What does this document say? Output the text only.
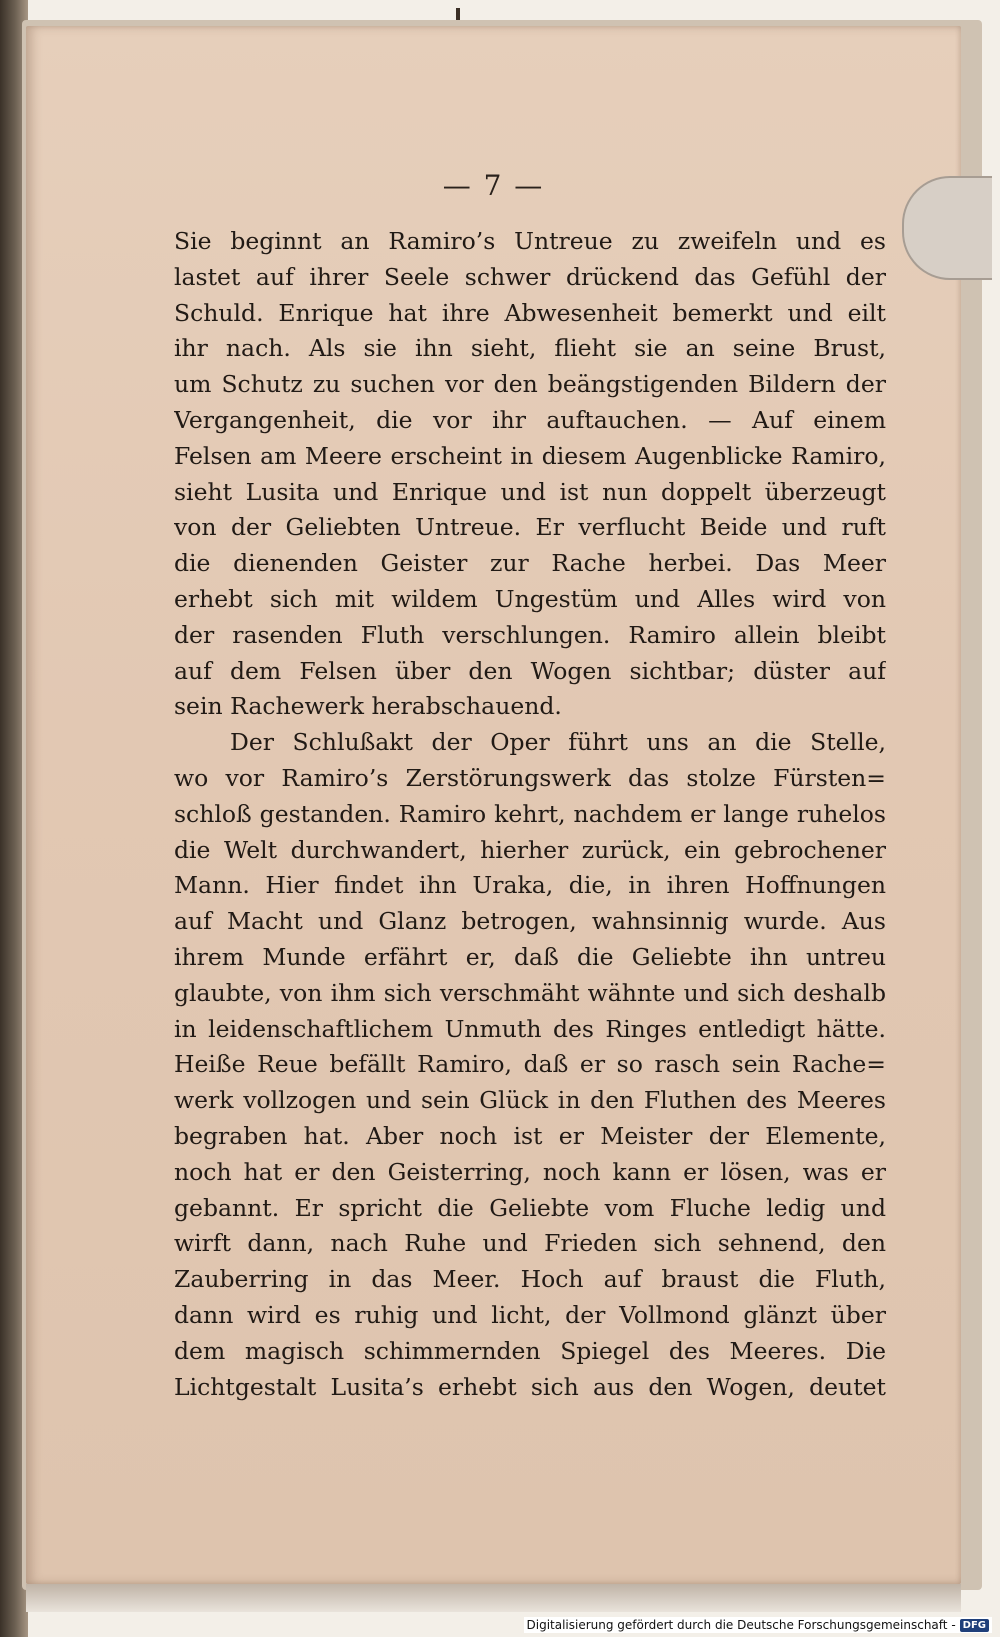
— 7 —
Sie beginnt an Ramiro’s Untreue zu zweifeln und es
lastet auf ihrer Seele schwer drückend das Gefühl der
Schuld. Enrique hat ihre Abwesenheit bemerkt und eilt
ihr nach. Als sie ihn sieht, flieht sie an seine Brust,
um Schutz zu suchen vor den beängstigenden Bildern der
Vergangenheit, die vor ihr auftauchen. — Auf einem
Felsen am Meere erscheint in diesem Augenblicke Ramiro,
sieht Lusita und Enrique und ist nun doppelt überzeugt
von der Geliebten Untreue. Er verflucht Beide und ruft
die dienenden Geister zur Rache herbei. Das Meer
erhebt sich mit wildem Ungestüm und Alles wird von
der rasenden Fluth verschlungen. Ramiro allein bleibt
auf dem Felsen über den Wogen sichtbar; düster auf
sein Rachewerk herabschauend.
Der Schlußakt der Oper führt uns an die Stelle,
wo vor Ramiro’s Zerstörungswerk das stolze Fürsten=
schloß gestanden. Ramiro kehrt, nachdem er lange ruhelos
die Welt durchwandert, hierher zurück, ein gebrochener
Mann. Hier findet ihn Uraka, die, in ihren Hoffnungen
auf Macht und Glanz betrogen, wahnsinnig wurde. Aus
ihrem Munde erfährt er, daß die Geliebte ihn untreu
glaubte, von ihm sich verschmäht wähnte und sich deshalb
in leidenschaftlichem Unmuth des Ringes entledigt hätte.
Heiße Reue befällt Ramiro, daß er so rasch sein Rache=
werk vollzogen und sein Glück in den Fluthen des Meeres
begraben hat. Aber noch ist er Meister der Elemente,
noch hat er den Geisterring, noch kann er lösen, was er
gebannt. Er spricht die Geliebte vom Fluche ledig und
wirft dann, nach Ruhe und Frieden sich sehnend, den
Zauberring in das Meer. Hoch auf braust die Fluth,
dann wird es ruhig und licht, der Vollmond glänzt über
dem magisch schimmernden Spiegel des Meeres. Die
Lichtgestalt Lusita’s erhebt sich aus den Wogen, deutet
Digitalisierung gefördert durch die Deutsche Forschungsgemeinschaft - DFG
